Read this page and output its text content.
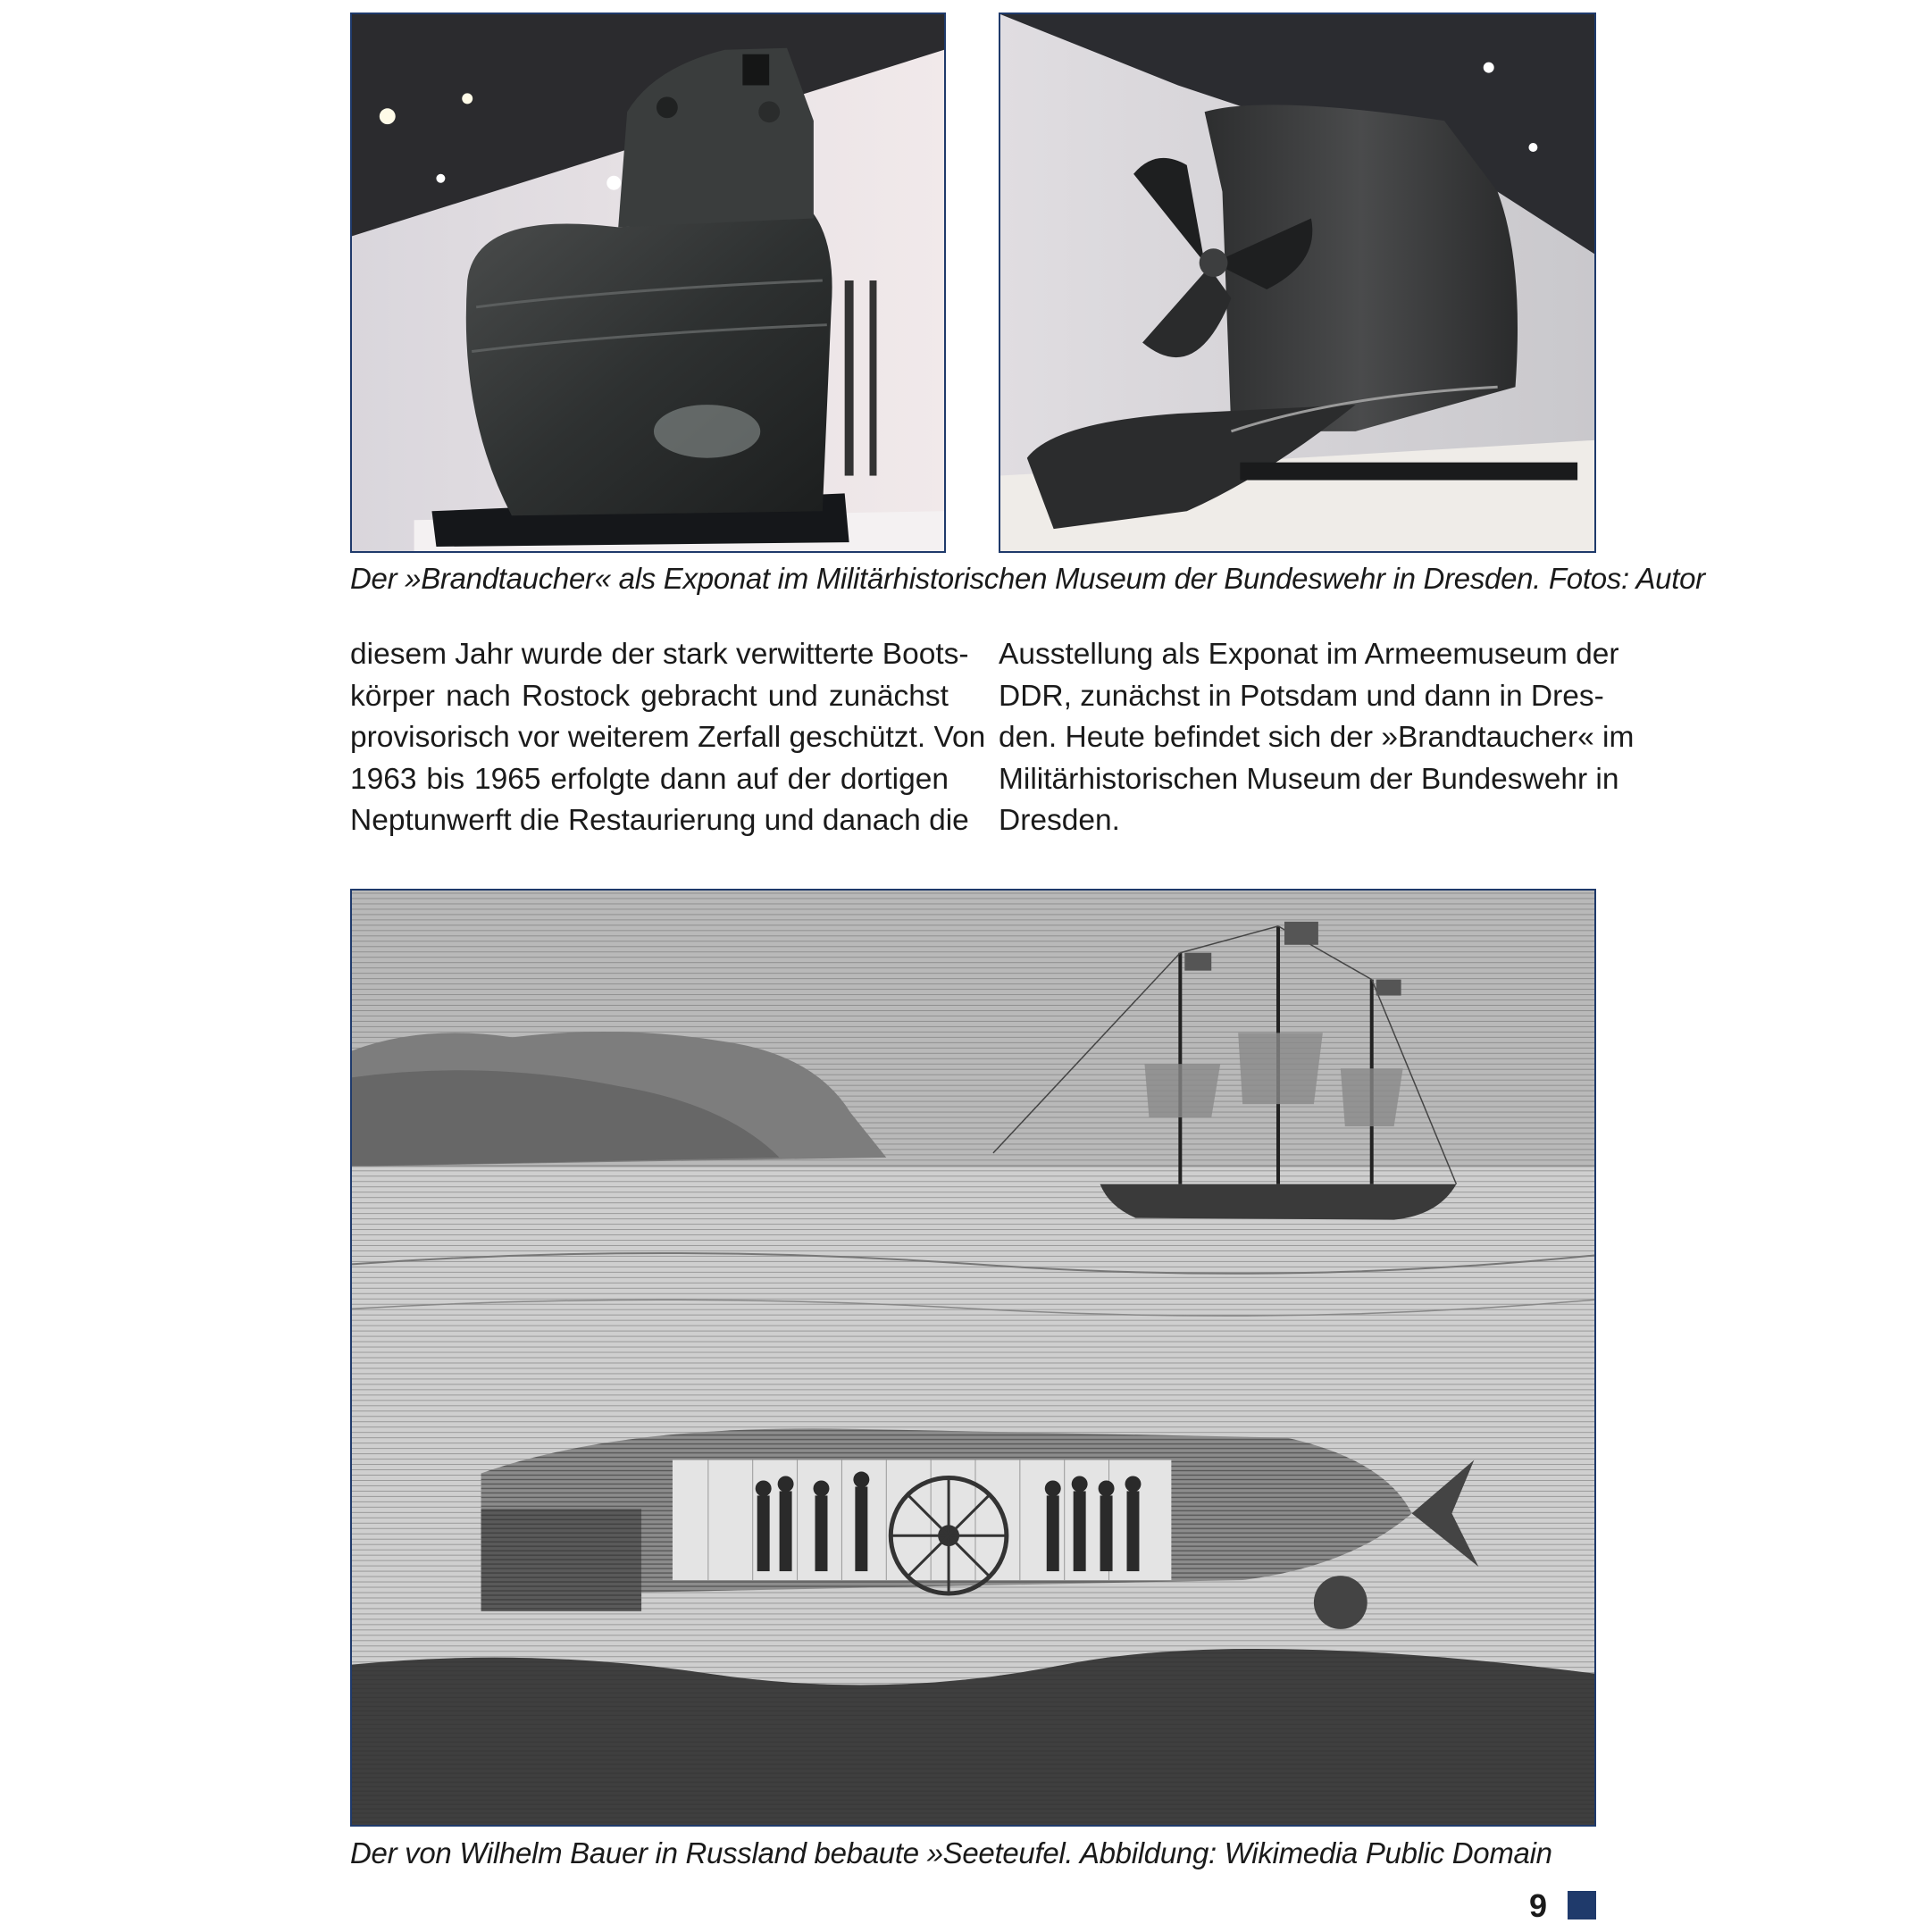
Der »Brandtaucher« als Exponat im Militärhistorischen Museum der Bundeswehr in Dresden. Fotos: Autor
diesem Jahr wurde der stark verwitterte Boots-
körper nach Rostock gebracht und zunächst
provisorisch vor weiterem Zerfall geschützt. Von
1963 bis 1965 erfolgte dann auf der dortigen
Neptunwerft die Restaurierung und danach die
Ausstellung als Exponat im Armeemuseum der
DDR, zunächst in Potsdam und dann in Dres-
den. Heute befindet sich der »Brandtaucher« im
Militärhistorischen Museum der Bundeswehr in
Dresden.
Der von Wilhelm Bauer in Russland bebaute »Seeteufel. Abbildung: Wikimedia Public Domain
9
